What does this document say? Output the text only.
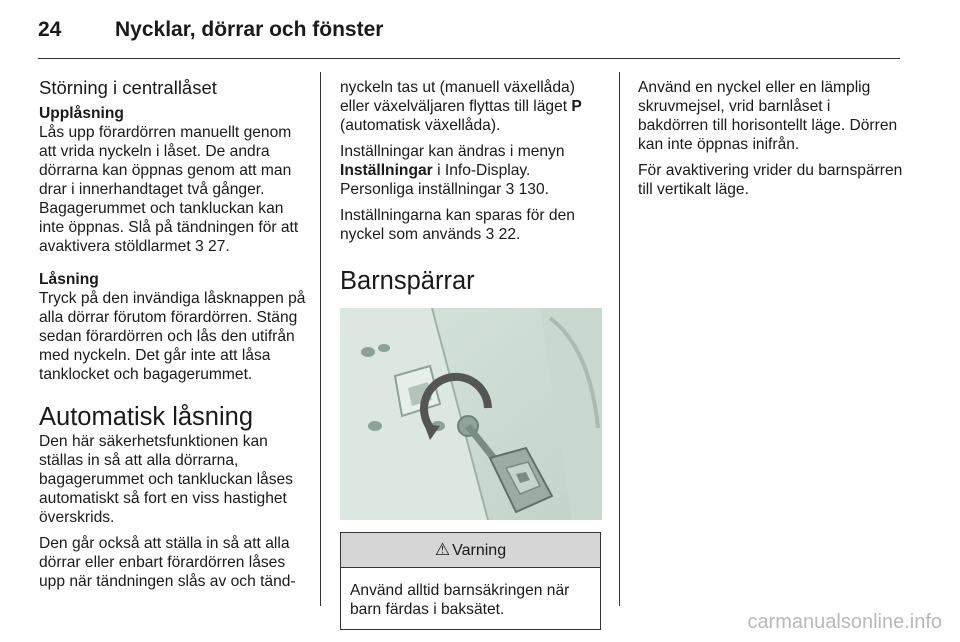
24	Nycklar, dörrar och fönster
Störning i centrallåset
Upplåsning

Lås upp förardörren manuellt genom att vrida nyckeln i låset. De andra dörrarna kan öppnas genom att man drar i innerhandtaget två gånger. Bagagerummet och tankluckan kan inte öppnas. Slå på tändningen för att avaktivera stöldlarmet 3 27.

Låsning

Tryck på den invändiga låsknappen på alla dörrar förutom förardörren. Stäng sedan förardörren och lås den utifrån med nyckeln. Det går inte att låsa tanklocket och bagagerummet.

Automatisk låsning

Den här säkerhetsfunktionen kan ställas in så att alla dörrarna, bagagerummet och tankluckan låses automatiskt så fort en viss hastighet överskrids.

Den går också att ställa in så att alla dörrar eller enbart förardörren låses upp när tändningen slås av och tänd-

nyckeln tas ut (manuell växellåda) eller växelväljaren flyttas till läget P (automatisk växellåda).

Inställningar kan ändras i menyn Inställningar i Info-Display. Personliga inställningar 3 130.

Inställningarna kan sparas för den nyckel som används 3 22.

Barnspärrar
⚠ Varning
Använd alltid barnsäkringen när barn färdas i baksätet.

Använd en nyckel eller en lämplig skruvmejsel, vrid barnlåset i bakdörren till horisontellt läge. Dörren kan inte öppnas inifrån.

För avaktivering vrider du barnspärren till vertikalt läge.

carmanualsonline.info
